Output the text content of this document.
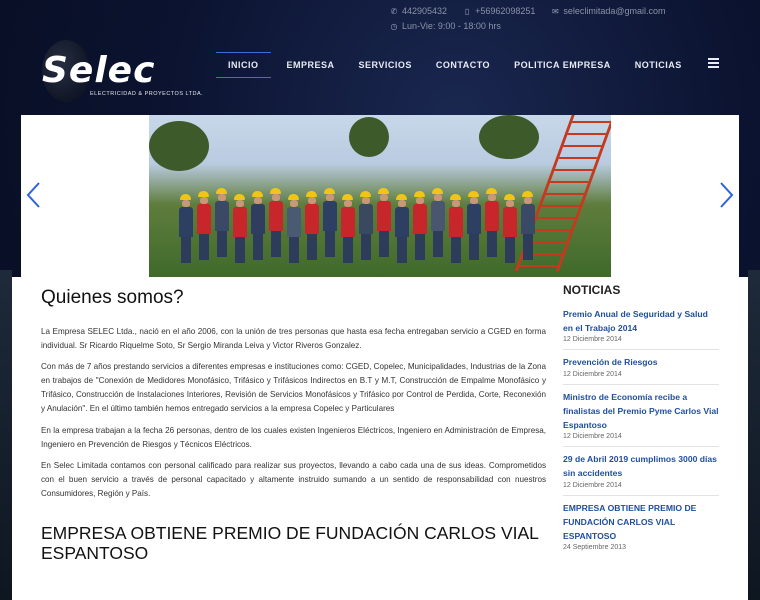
✆ 442905432 ▯ +56962098251 ✉ seleclimitada@gmail.com
◷ Lun-Vie: 9:00 - 18:00 hrs
Selec
ELECTRICIDAD & PROYECTOS LTDA.
INICIO	EMPRESA	SERVICIOS	CONTACTO	POLITICA EMPRESA	NOTICIAS
Quienes somos?

La Empresa SELEC Ltda., nació en el año 2006, con la unión de tres personas que hasta esa fecha entregaban servicio a CGED en forma individual. Sr Ricardo Riquelme Soto, Sr Sergio Miranda Leiva y Victor Riveros Gonzalez.

Con más de 7 años prestando servicios a diferentes empresas e instituciones como: CGED, Copelec, Municipalidades, Industrias de la Zona en trabajos de "Conexión de Medidores Monofásico, Trifásico y Trifásicos Indirectos en B.T y M.T, Construcción de Empalme Monofásico y Trifásico, Construcción de Instalaciones Interiores, Revisión de Servicios Monofásicos y Trifásico por Control de Perdida, Corte, Reconexión y Anulación". En el último también hemos entregado servicios a la empresa Copelec y Particulares

En la empresa trabajan a la fecha 26 personas, dentro de los cuales existen Ingenieros Eléctricos, Ingeniero en Administración de Empresa, Ingeniero en Prevención de Riesgos y Técnicos Eléctricos.

En Selec Limitada contamos con personal calificado para realizar sus proyectos, llevando a cabo cada una de sus ideas. Comprometidos con el buen servicio a través de personal capacitado y altamente instruido sumando a un sentido de responsabilidad con nuestros Consumidores, Región y País.

EMPRESA OBTIENE PREMIO DE FUNDACIÓN CARLOS VIAL ESPANTOSO
NOTICIAS
Premio Anual de Seguridad y Salud en el Trabajo 2014
12 Diciembre 2014
Prevención de Riesgos
12 Diciembre 2014
Ministro de Economía recibe a finalistas del Premio Pyme Carlos Vial Espantoso
12 Diciembre 2014
29 de Abril 2019 cumplimos 3000 días sin accidentes
12 Diciembre 2014
EMPRESA OBTIENE PREMIO DE FUNDACIÓN CARLOS VIAL ESPANTOSO
24 Septiembre 2013
